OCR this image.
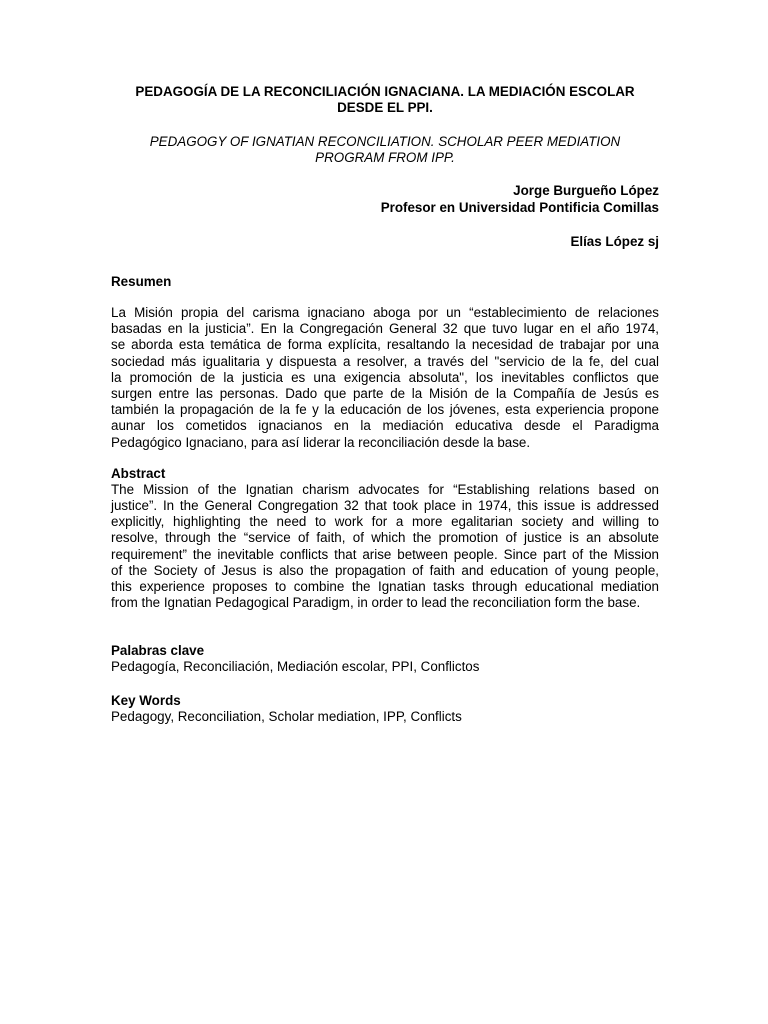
PEDAGOGÍA DE LA RECONCILIACIÓN IGNACIANA. LA MEDIACIÓN ESCOLAR
DESDE EL PPI.
PEDAGOGY OF IGNATIAN RECONCILIATION. SCHOLAR PEER MEDIATION
PROGRAM FROM IPP.
Jorge Burgueño López
Profesor en Universidad Pontificia Comillas
Elías López sj
Resumen
La Misión propia del carisma ignaciano aboga por un “establecimiento de relaciones
basadas en la justicia”. En la Congregación General 32 que tuvo lugar en el año 1974,
se aborda esta temática de forma explícita, resaltando la necesidad de trabajar por una
sociedad más igualitaria y dispuesta a resolver, a través del "servicio de la fe, del cual
la promoción de la justicia es una exigencia absoluta", los inevitables conflictos que
surgen entre las personas. Dado que parte de la Misión de la Compañía de Jesús es
también la propagación de la fe y la educación de los jóvenes, esta experiencia propone
aunar los cometidos ignacianos en la mediación educativa desde el Paradigma
Pedagógico Ignaciano, para así liderar la reconciliación desde la base.
Abstract
The Mission of the Ignatian charism advocates for “Establishing relations based on
justice”. In the General Congregation 32 that took place in 1974, this issue is addressed
explicitly, highlighting the need to work for a more egalitarian society and willing to
resolve, through the “service of faith, of which the promotion of justice is an absolute
requirement” the inevitable conflicts that arise between people. Since part of the Mission
of the Society of Jesus is also the propagation of faith and education of young people,
this experience proposes to combine the Ignatian tasks through educational mediation
from the Ignatian Pedagogical Paradigm, in order to lead the reconciliation form the base.
Palabras clave
Pedagogía, Reconciliación, Mediación escolar, PPI, Conflictos
Key Words
Pedagogy, Reconciliation, Scholar mediation, IPP, Conflicts
